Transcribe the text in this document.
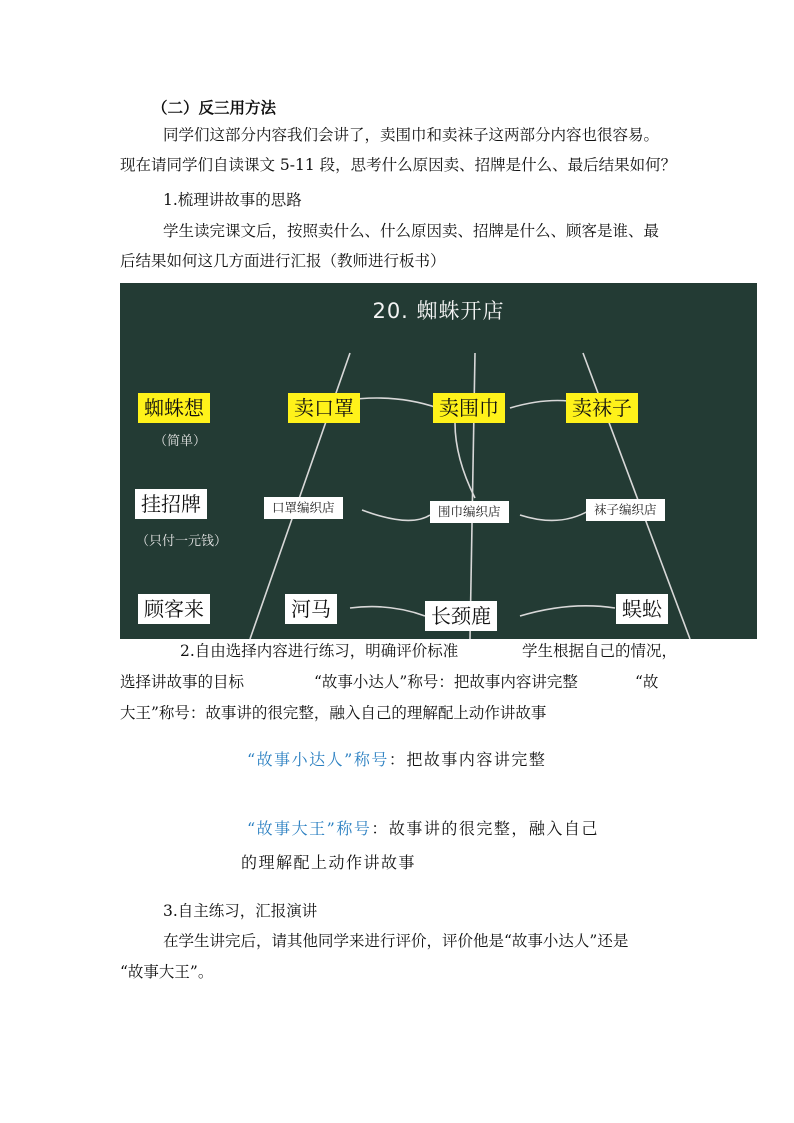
（二）反三用方法
同学们这部分内容我们会讲了，卖围巾和卖袜子这两部分内容也很容易。
现在请同学们自读课文 5-11 段，思考什么原因卖、招牌是什么、最后结果如何？
1.梳理讲故事的思路
学生读完课文后，按照卖什么、什么原因卖、招牌是什么、顾客是谁、最
后结果如何这几方面进行汇报（教师进行板书）
20. 蜘蛛开店
蜘蛛想
（简单）
卖口罩	卖围巾	卖袜子
挂招牌
（只付一元钱）
口罩编织店	围巾编织店	袜子编织店
顾客来	河马	长颈鹿	蜈蚣
2.自由选择内容进行练习，明确评价标准	学生根据自己的情况，
选择讲故事的目标	“故事小达人”称号：把故事内容讲完整	“故
大王”称号：故事讲的很完整，融入自己的理解配上动作讲故事
“故事小达人”称号：把故事内容讲完整
“故事大王”称号：故事讲的很完整，融入自己
的理解配上动作讲故事
3.自主练习，汇报演讲
在学生讲完后，请其他同学来进行评价，评价他是“故事小达人”还是
“故事大王”。
